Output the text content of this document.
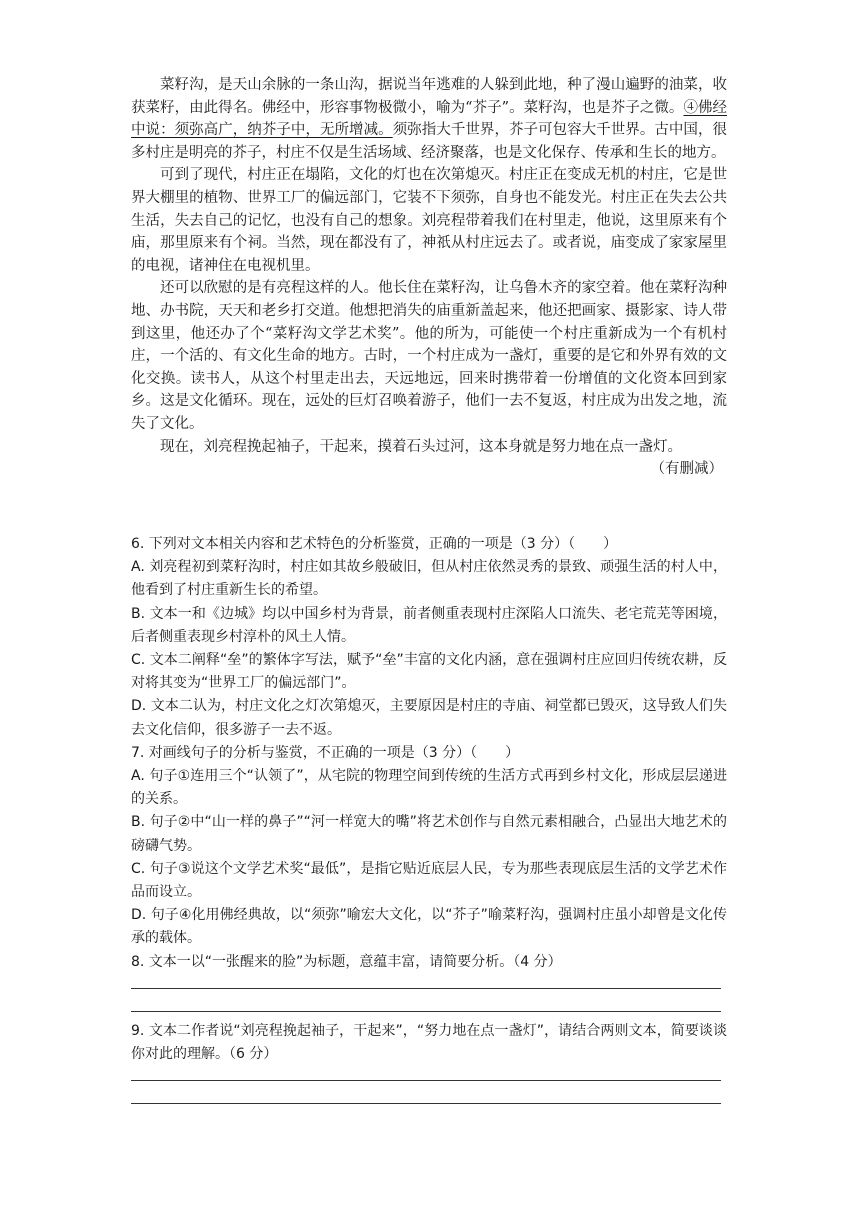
菜籽沟，是天山余脉的一条山沟，据说当年逃难的人躲到此地，种了漫山遍野的油菜，收获菜籽，由此得名。佛经中，形容事物极微小，喻为“芥子”。菜籽沟，也是芥子之微。④佛经中说：须弥高广，纳芥子中，无所增减。须弥指大千世界，芥子可包容大千世界。古中国，很多村庄是明亮的芥子，村庄不仅是生活场域、经济聚落，也是文化保存、传承和生长的地方。

可到了现代，村庄正在塌陷，文化的灯也在次第熄灭。村庄正在变成无机的村庄，它是世界大棚里的植物、世界工厂的偏远部门，它装不下须弥，自身也不能发光。村庄正在失去公共生活，失去自己的记忆，也没有自己的想象。刘亮程带着我们在村里走，他说，这里原来有个庙，那里原来有个祠。当然，现在都没有了，神祇从村庄远去了。或者说，庙变成了家家屋里的电视，诸神住在电视机里。

还可以欣慰的是有亮程这样的人。他长住在菜籽沟，让乌鲁木齐的家空着。他在菜籽沟种地、办书院，天天和老乡打交道。他想把消失的庙重新盖起来，他还把画家、摄影家、诗人带到这里，他还办了个“菜籽沟文学艺术奖”。他的所为，可能使一个村庄重新成为一个有机村庄，一个活的、有文化生命的地方。古时，一个村庄成为一盏灯，重要的是它和外界有效的文化交换。读书人，从这个村里走出去，天远地远，回来时携带着一份增值的文化资本回到家乡。这是文化循环。现在，远处的巨灯召唤着游子，他们一去不复返，村庄成为出发之地，流失了文化。

现在，刘亮程挽起袖子，干起来，摸着石头过河，这本身就是努力地在点一盏灯。

（有删减）

6. 下列对文本相关内容和艺术特色的分析鉴赏，正确的一项是（3 分）（　　）

A. 刘亮程初到菜籽沟时，村庄如其故乡般破旧，但从村庄依然灵秀的景致、顽强生活的村人中，他看到了村庄重新生长的希望。

B. 文本一和《边城》均以中国乡村为背景，前者侧重表现村庄深陷人口流失、老宅荒芜等困境，后者侧重表现乡村淳朴的风土人情。

C. 文本二阐释“垒”的繁体字写法，赋予“垒”丰富的文化内涵，意在强调村庄应回归传统农耕，反对将其变为“世界工厂的偏远部门”。

D. 文本二认为，村庄文化之灯次第熄灭，主要原因是村庄的寺庙、祠堂都已毁灭，这导致人们失去文化信仰，很多游子一去不返。

7. 对画线句子的分析与鉴赏，不正确的一项是（3 分）（　　）

A. 句子①连用三个“认领了”，从宅院的物理空间到传统的生活方式再到乡村文化，形成层层递进的关系。

B. 句子②中“山一样的鼻子”“河一样宽大的嘴”将艺术创作与自然元素相融合，凸显出大地艺术的磅礴气势。

C. 句子③说这个文学艺术奖“最低”，是指它贴近底层人民，专为那些表现底层生活的文学艺术作品而设立。

D. 句子④化用佛经典故，以“须弥”喻宏大文化，以“芥子”喻菜籽沟，强调村庄虽小却曾是文化传承的载体。

8. 文本一以“一张醒来的脸”为标题，意蕴丰富，请简要分析。（4 分）

9. 文本二作者说“刘亮程挽起袖子，干起来”，“努力地在点一盏灯”，请结合两则文本，简要谈谈你对此的理解。（6 分）
